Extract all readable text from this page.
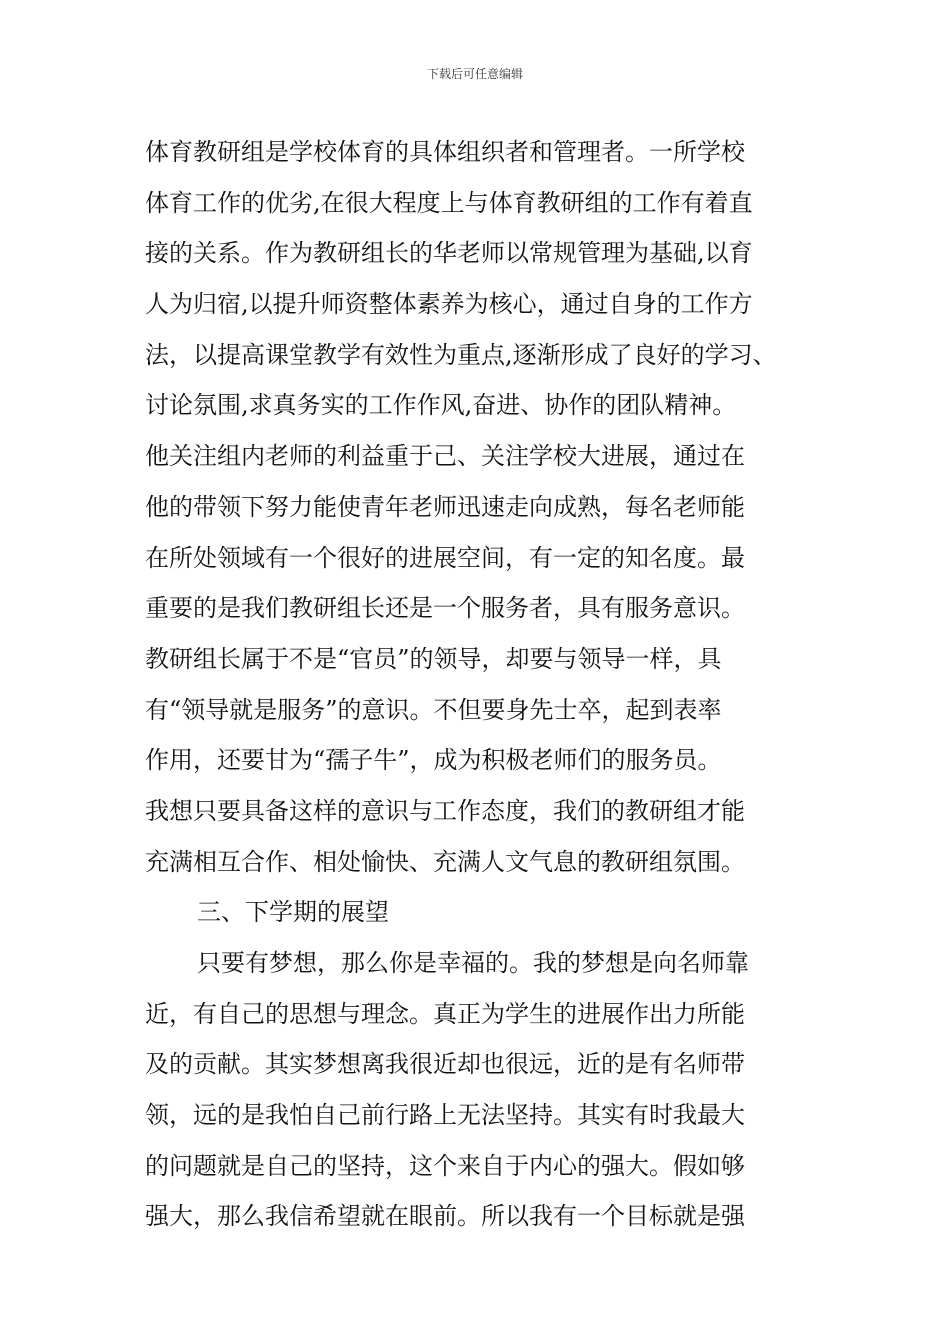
下载后可任意编辑
体育教研组是学校体育的具体组织者和管理者。一所学校
体育工作的优劣,在很大程度上与体育教研组的工作有着直
接的关系。作为教研组长的华老师以常规管理为基础,以育
人为归宿,以提升师资整体素养为核心，通过自身的工作方
法，以提高课堂教学有效性为重点,逐渐形成了良好的学习、
讨论氛围,求真务实的工作作风,奋进、协作的团队精神。
他关注组内老师的利益重于己、关注学校大进展，通过在
他的带领下努力能使青年老师迅速走向成熟，每名老师能
在所处领域有一个很好的进展空间，有一定的知名度。最
重要的是我们教研组长还是一个服务者，具有服务意识。
教研组长属于不是“官员”的领导，却要与领导一样，具
有“领导就是服务”的意识。不但要身先士卒，起到表率
作用，还要甘为“孺子牛”，成为积极老师们的服务员。
我想只要具备这样的意识与工作态度，我们的教研组才能
充满相互合作、相处愉快、充满人文气息的教研组氛围。
三、下学期的展望
只要有梦想，那么你是幸福的。我的梦想是向名师靠
近，有自己的思想与理念。真正为学生的进展作出力所能
及的贡献。其实梦想离我很近却也很远，近的是有名师带
领，远的是我怕自己前行路上无法坚持。其实有时我最大
的问题就是自己的坚持，这个来自于内心的强大。假如够
强大，那么我信希望就在眼前。所以我有一个目标就是强
